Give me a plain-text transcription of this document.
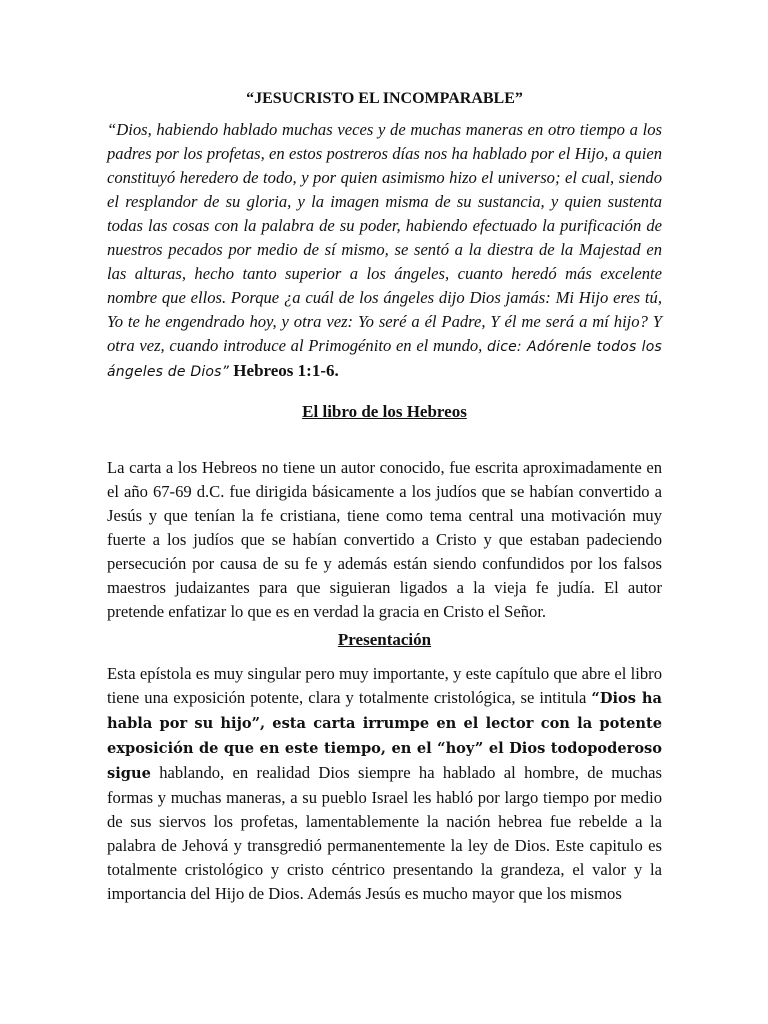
“JESUCRISTO EL INCOMPARABLE”

“Dios, habiendo hablado muchas veces y de muchas maneras en otro tiempo a los padres por los profetas, en estos postreros días nos ha hablado por el Hijo, a quien constituyó heredero de todo, y por quien asimismo hizo el universo; el cual, siendo el resplandor de su gloria, y la imagen misma de su sustancia, y quien sustenta todas las cosas con la palabra de su poder, habiendo efectuado la purificación de nuestros pecados por medio de sí mismo, se sentó a la diestra de la Majestad en las alturas, hecho tanto superior a los ángeles, cuanto heredó más excelente nombre que ellos. Porque ¿a cuál de los ángeles dijo Dios jamás: Mi Hijo eres tú, Yo te he engendrado hoy, y otra vez: Yo seré a él Padre, Y él me será a mí hijo? Y otra vez, cuando introduce al Primogénito en el mundo, dice: Adórenle todos los ángeles de Dios” Hebreos 1:1-6.

El libro de los Hebreos

La carta a los Hebreos no tiene un autor conocido, fue escrita aproximadamente en el año 67-69 d.C. fue dirigida básicamente a los judíos que se habían convertido a Jesús y que tenían la fe cristiana, tiene como tema central una motivación muy fuerte a los judíos que se habían convertido a Cristo y que estaban padeciendo persecución por causa de su fe y además están siendo confundidos por los falsos maestros judaizantes para que siguieran ligados a la vieja fe judía. El autor pretende enfatizar lo que es en verdad la gracia en Cristo el Señor.

Presentación

Esta epístola es muy singular pero muy importante, y este capítulo que abre el libro tiene una exposición potente, clara y totalmente cristológica, se intitula “Dios ha habla por su hijo”, esta carta irrumpe en el lector con la potente exposición de que en este tiempo, en el “hoy” el Dios todopoderoso sigue hablando, en realidad Dios siempre ha hablado al hombre, de muchas formas y muchas maneras, a su pueblo Israel les habló por largo tiempo por medio de sus siervos los profetas, lamentablemente la nación hebrea fue rebelde a la palabra de Jehová y transgredió permanentemente la ley de Dios. Este capitulo es totalmente cristológico y cristo céntrico presentando la grandeza, el valor y la importancia del Hijo de Dios. Además Jesús es mucho mayor que los mismos
